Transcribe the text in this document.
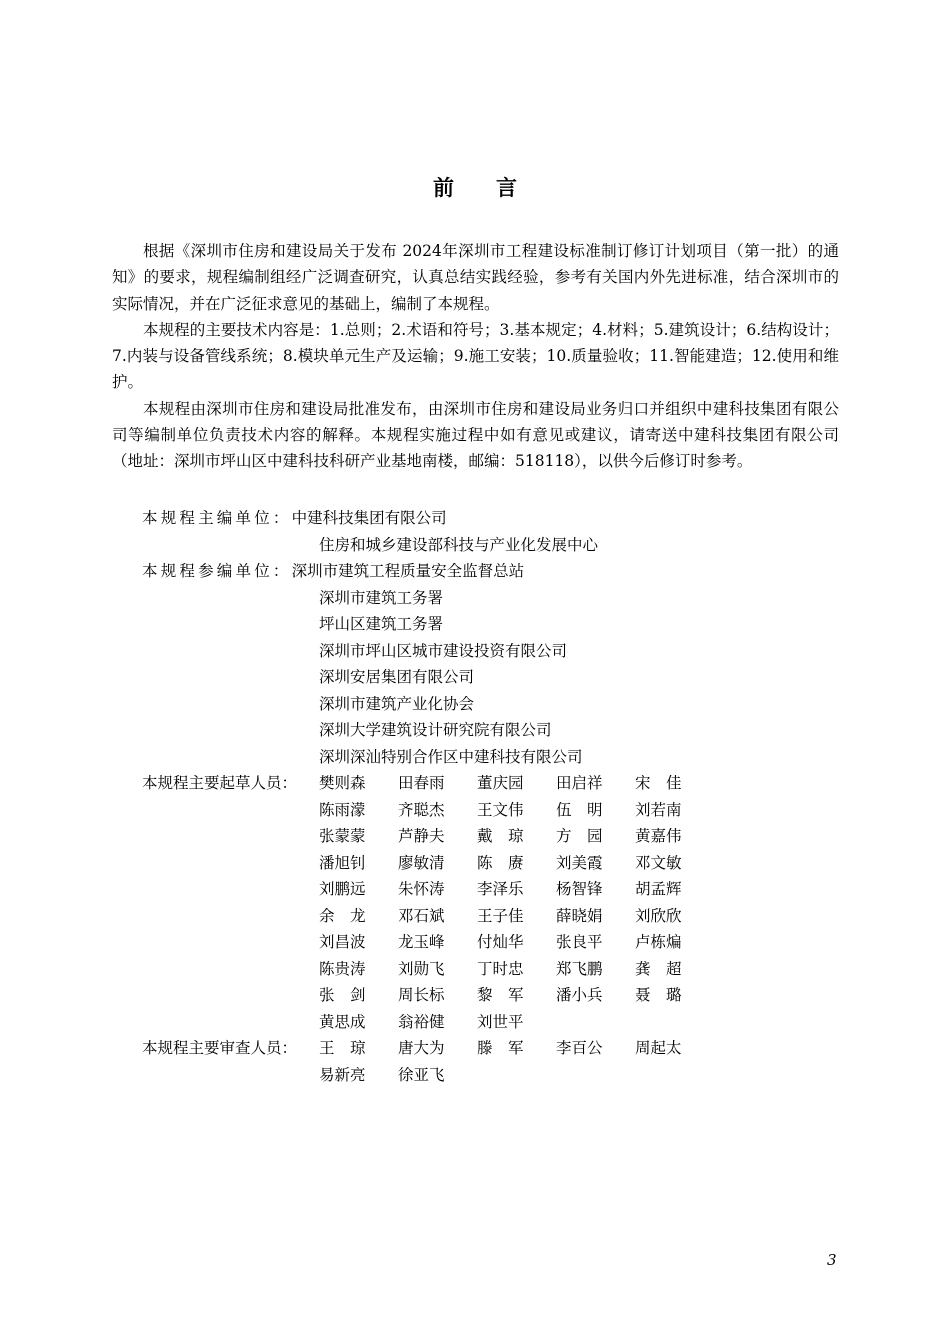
前言

根据《深圳市住房和建设局关于发布 2024年深圳市工程建设标准制订修订计划项目（第一批）的通知》的要求，规程编制组经广泛调查研究，认真总结实践经验，参考有关国内外先进标准，结合深圳市的实际情况，并在广泛征求意见的基础上，编制了本规程。

本规程的主要技术内容是：1.总则；2.术语和符号；3.基本规定；4.材料；5.建筑设计；6.结构设计；7.内装与设备管线系统；8.模块单元生产及运输；9.施工安装；10.质量验收；11.智能建造；12.使用和维护。

本规程由深圳市住房和建设局批准发布，由深圳市住房和建设局业务归口并组织中建科技集团有限公司等编制单位负责技术内容的解释。本规程实施过程中如有意见或建议，请寄送中建科技集团有限公司（地址：深圳市坪山区中建科技科研产业基地南楼，邮编：518118），以供今后修订时参考。

本规程主编单位：中建科技集团有限公司
住房和城乡建设部科技与产业化发展中心
本规程参编单位：深圳市建筑工程质量安全监督总站
深圳市建筑工务署
坪山区建筑工务署
深圳市坪山区城市建设投资有限公司
深圳安居集团有限公司
深圳市建筑产业化协会
深圳大学建筑设计研究院有限公司
深圳深汕特别合作区中建科技有限公司
本规程主要起草人员： 樊则森 田春雨 董庆园 田启祥 宋　佳
陈雨濛 齐聪杰 王文伟 伍　明 刘若南
张蒙蒙 芦静夫 戴　琼 方　园 黄嘉伟
潘旭钊 廖敏清 陈　赓 刘美霞 邓文敏
刘鹏远 朱怀涛 李泽乐 杨智锋 胡孟辉
余　龙 邓石斌 王子佳 薛晓娟 刘欣欣
刘昌波 龙玉峰 付灿华 张良平 卢栋煸
陈贵涛 刘勋飞 丁时忠 郑飞鹏 龚　超
张　剑 周长标 黎　军 潘小兵 聂　璐
黄思成 翁裕健 刘世平
本规程主要审查人员： 王　琼 唐大为 滕　军 李百公 周起太
易新亮 徐亚飞
3
